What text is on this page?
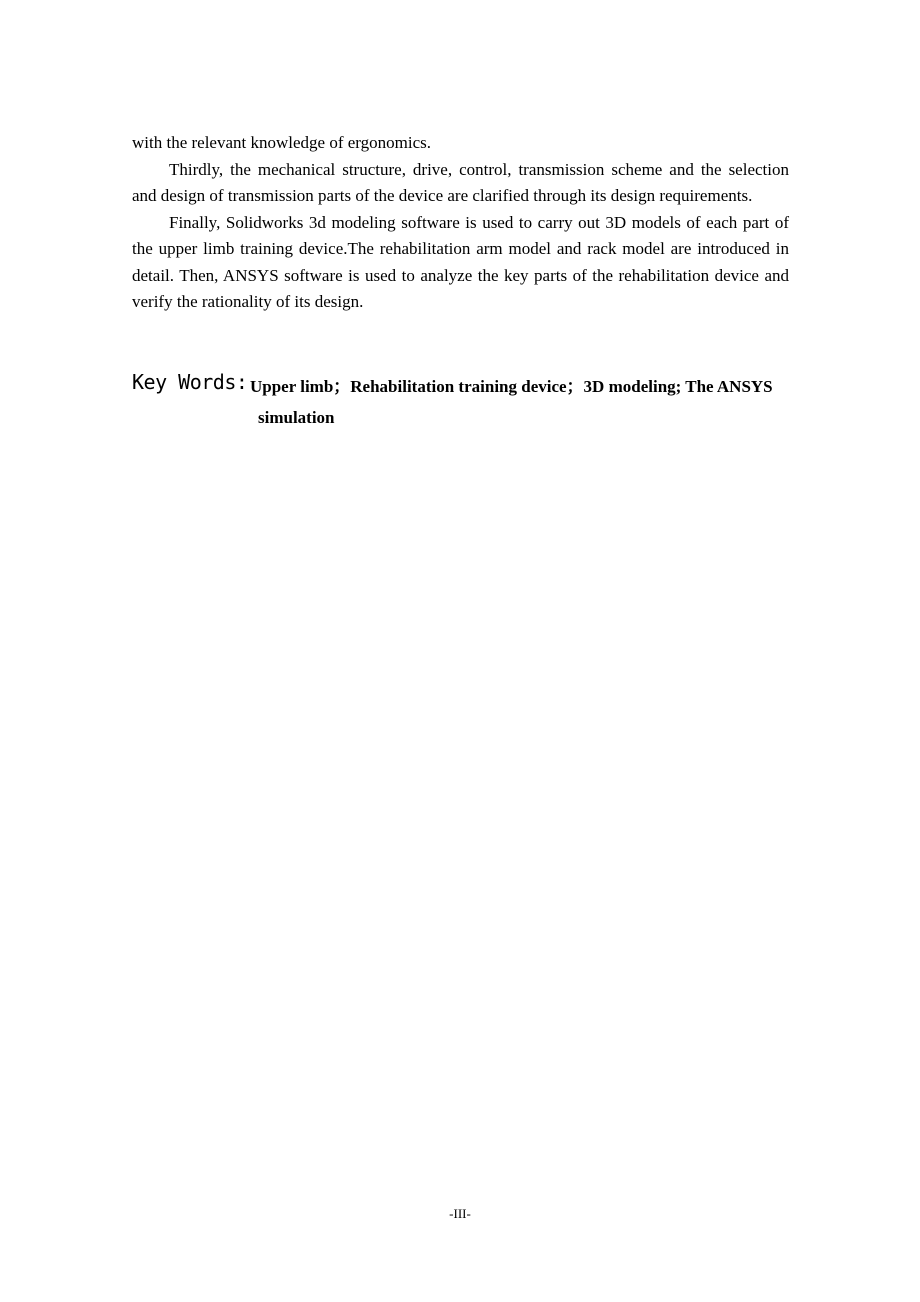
with the relevant knowledge of ergonomics.

Thirdly, the mechanical structure, drive, control, transmission scheme and the selection and design of transmission parts of the device are clarified through its design requirements.

Finally, Solidworks 3d modeling software is used to carry out 3D models of each part of the upper limb training device.The rehabilitation arm model and rack model are introduced in detail. Then, ANSYS software is used to analyze the key parts of the rehabilitation device and verify the rationality of its design.

Key Words: Upper limb；Rehabilitation training device；3D modeling; The ANSYS simulation
-III-
